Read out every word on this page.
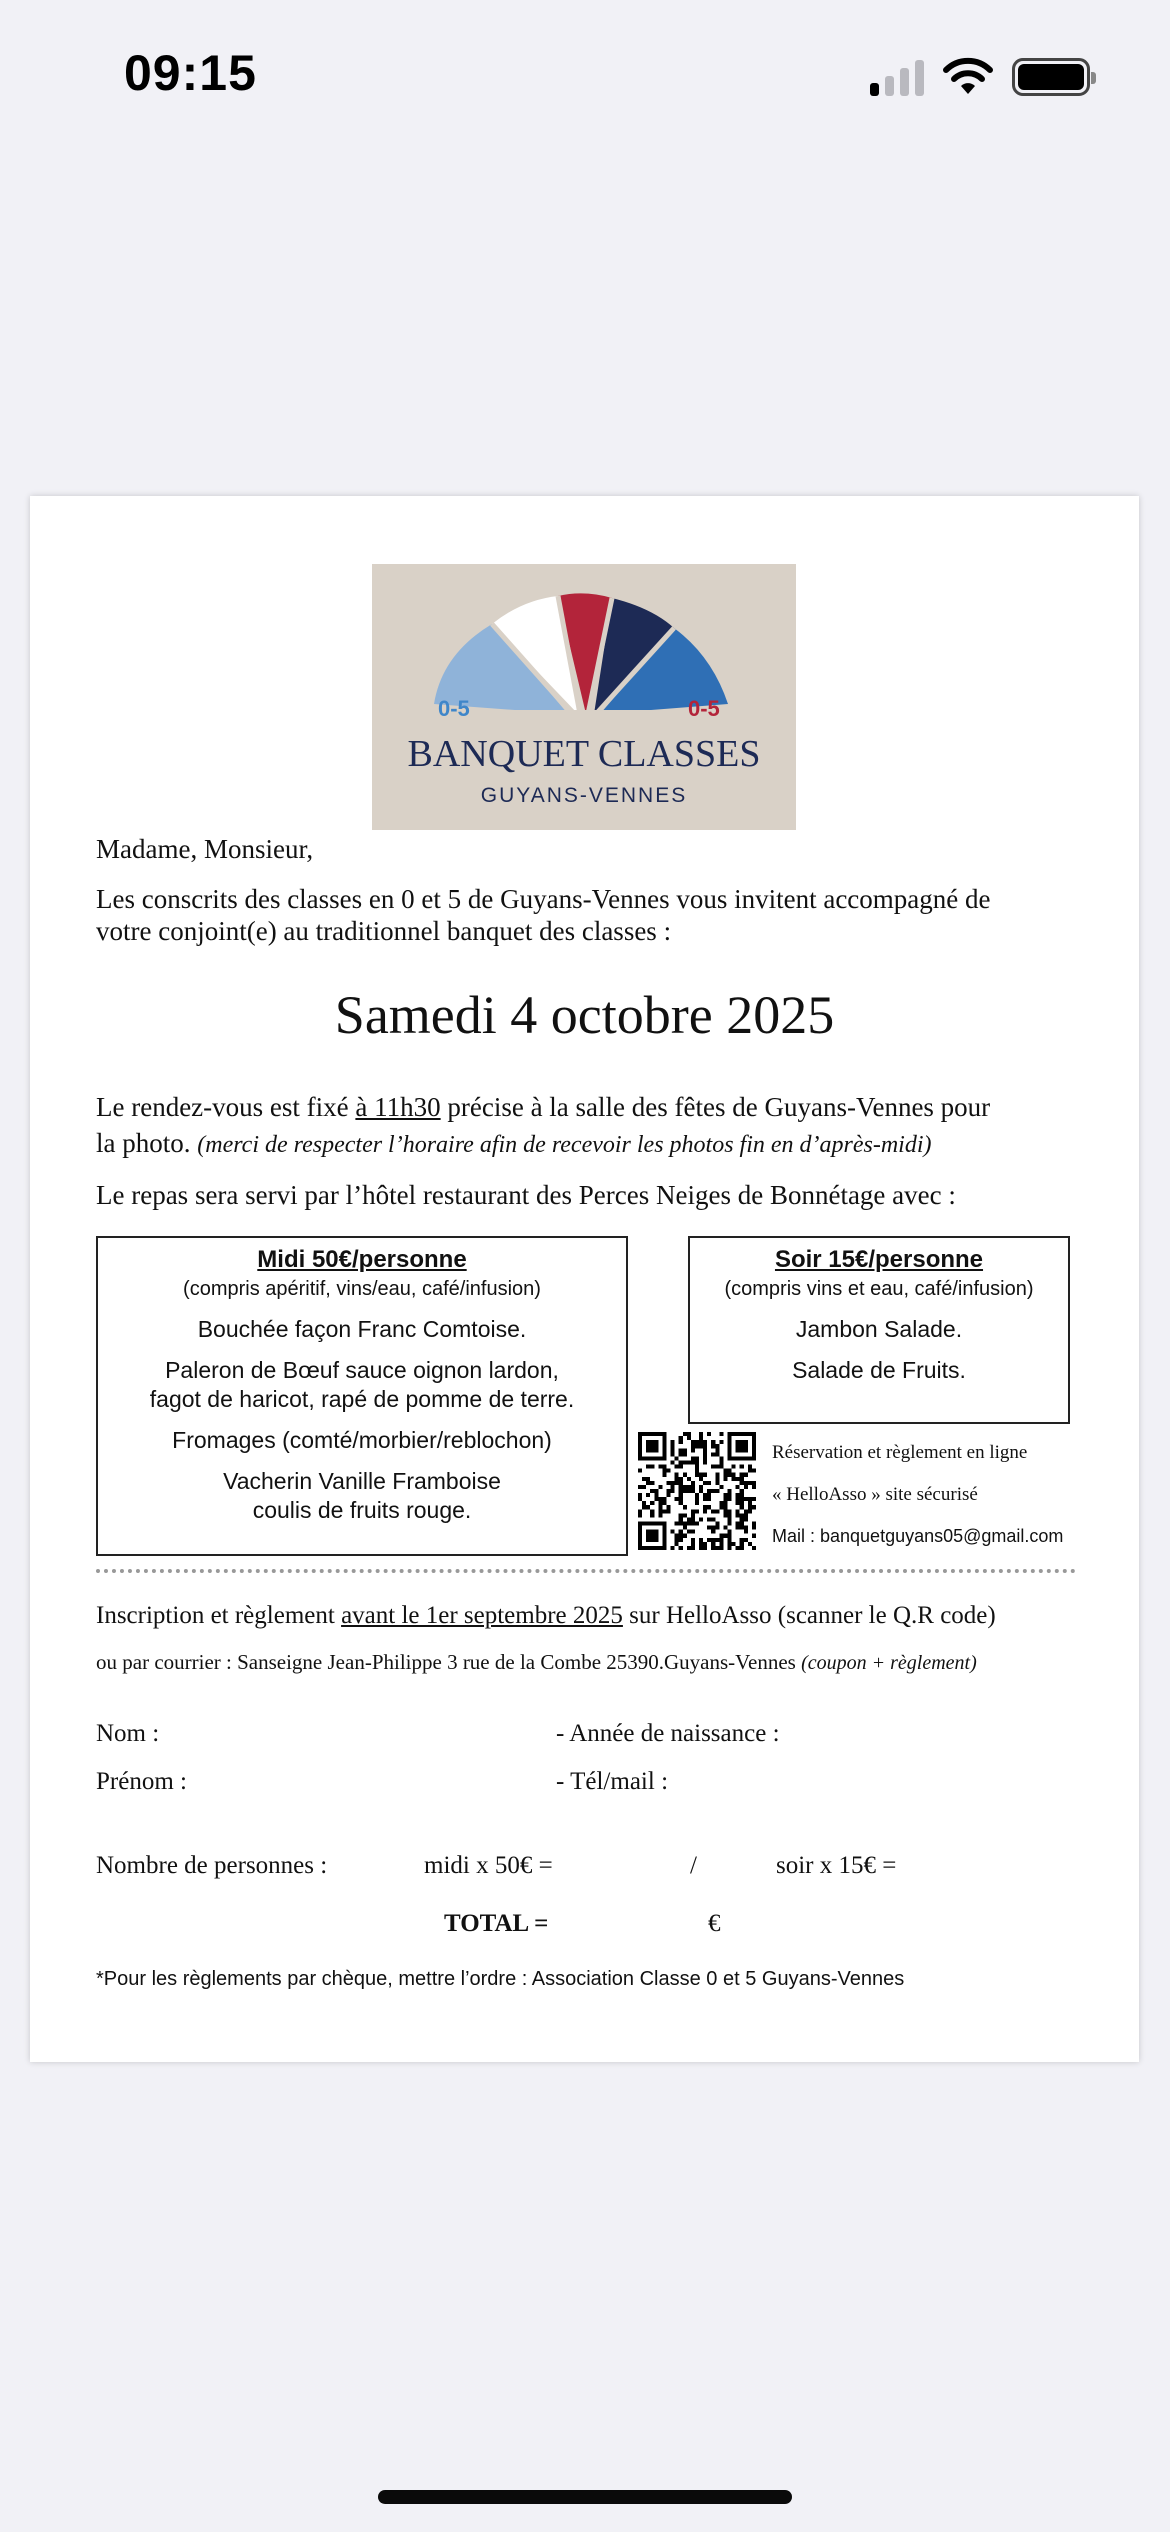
09:15
0-5	0-5
BANQUET CLASSES
GUYANS-VENNES
Madame, Monsieur,
Les conscrits des classes en 0 et 5 de Guyans-Vennes vous invitent accompagné de
votre conjoint(e) au traditionnel banquet des classes :
Samedi 4 octobre 2025
Le rendez-vous est fixé à 11h30 précise à la salle des fêtes de Guyans-Vennes pour
la photo. (merci de respecter l’horaire afin de recevoir les photos fin en d’après-midi)
Le repas sera servi par l’hôtel restaurant des Perces Neiges de Bonnétage avec :
Midi 50€/personne
(compris apéritif, vins/eau, café/infusion)
Bouchée façon Franc Comtoise.
Paleron de Bœuf sauce oignon lardon,
fagot de haricot, rapé de pomme de terre.
Fromages (comté/morbier/reblochon)
Vacherin Vanille Framboise
coulis de fruits rouge.
Soir 15€/personne
(compris vins et eau, café/infusion)
Jambon Salade.
Salade de Fruits.
Réservation et règlement en ligne
« HelloAsso » site sécurisé
Mail : banquetguyans05@gmail.com
Inscription et règlement avant le 1er septembre 2025 sur HelloAsso (scanner le Q.R code)
ou par courrier : Sanseigne Jean-Philippe 3 rue de la Combe 25390.Guyans-Vennes (coupon + règlement)
Nom :	- Année de naissance :
Prénom :	- Tél/mail :
Nombre de personnes :	midi x 50€ =	/	soir x 15€ =
TOTAL =	€
*Pour les règlements par chèque, mettre l’ordre : Association Classe 0 et 5 Guyans-Vennes
